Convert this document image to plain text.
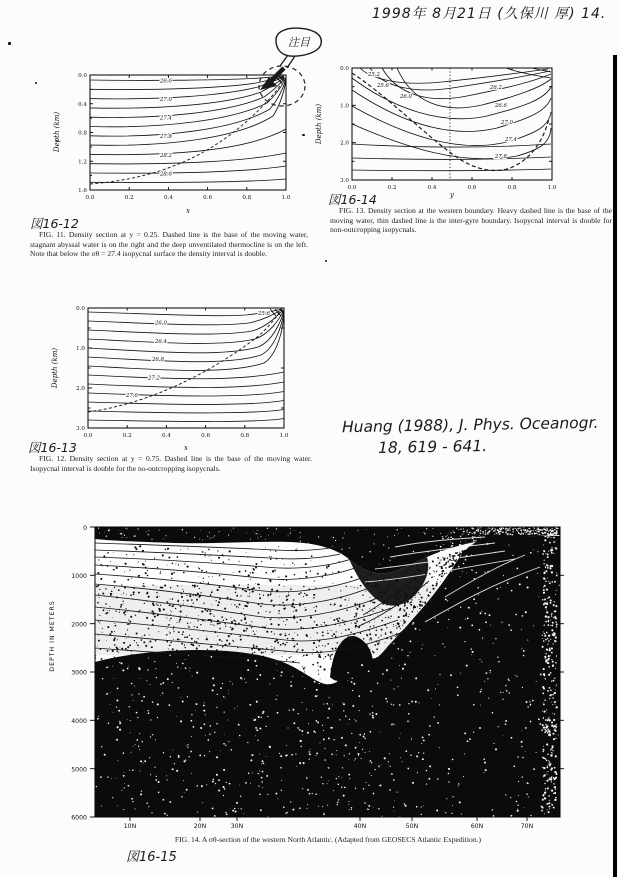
1998年 8月21日 (久保川 厚) 14.
26.6
27.0
27.4
27.8
28.2
28.6
0.0
0.4
0.8
1.2
1.6
0.0	0.2	0.4	0.6	0.8	1.0
Depth (km)
x
注目
図16-12
FIG. 11. Density section at y = 0.25. Dashed line is the base of the moving water, stagnant abyssal water is on the right and the deep unventilated thermocline is on the left. Note that below the σθ = 27.4 isopycnal surface the density interval is double.
25.2
25.6
26.0
26.2
26.6
27.0
27.4
27.8
0.0
1.0
2.0
3.0
0.0	0.2	0.4	0.6	0.8	1.0
Depth (km)
y
図16-14
FIG. 13. Density section at the western boundary. Heavy dashed line is the base of the moving water, thin dashed line is the inter-gyre boundary. Isopycnal interval is double for non-outcropping isopycnals.
25.6
26.0
26.4
26.8
27.2
27.6
0.0
1.0
2.0
3.0
0.0	0.2	0.4	0.6	0.8	1.0
Depth (km)
x
図16-13
FIG. 12. Density section at y = 0.75. Dashed line is the base of the moving water. Isopycnal interval is double for the no-outcropping isopycnals.
Huang (1988), J. Phys. Oceanogr.
18, 619 - 641.
0
1000
2000
3000
4000
5000
6000
10N	20N	30N	40N	50N	60N	70N
DEPTH IN METERS
FIG. 14. A σθ-section of the western North Atlantic. (Adapted from GEOSECS Atlantic Expedition.)
図16-15
